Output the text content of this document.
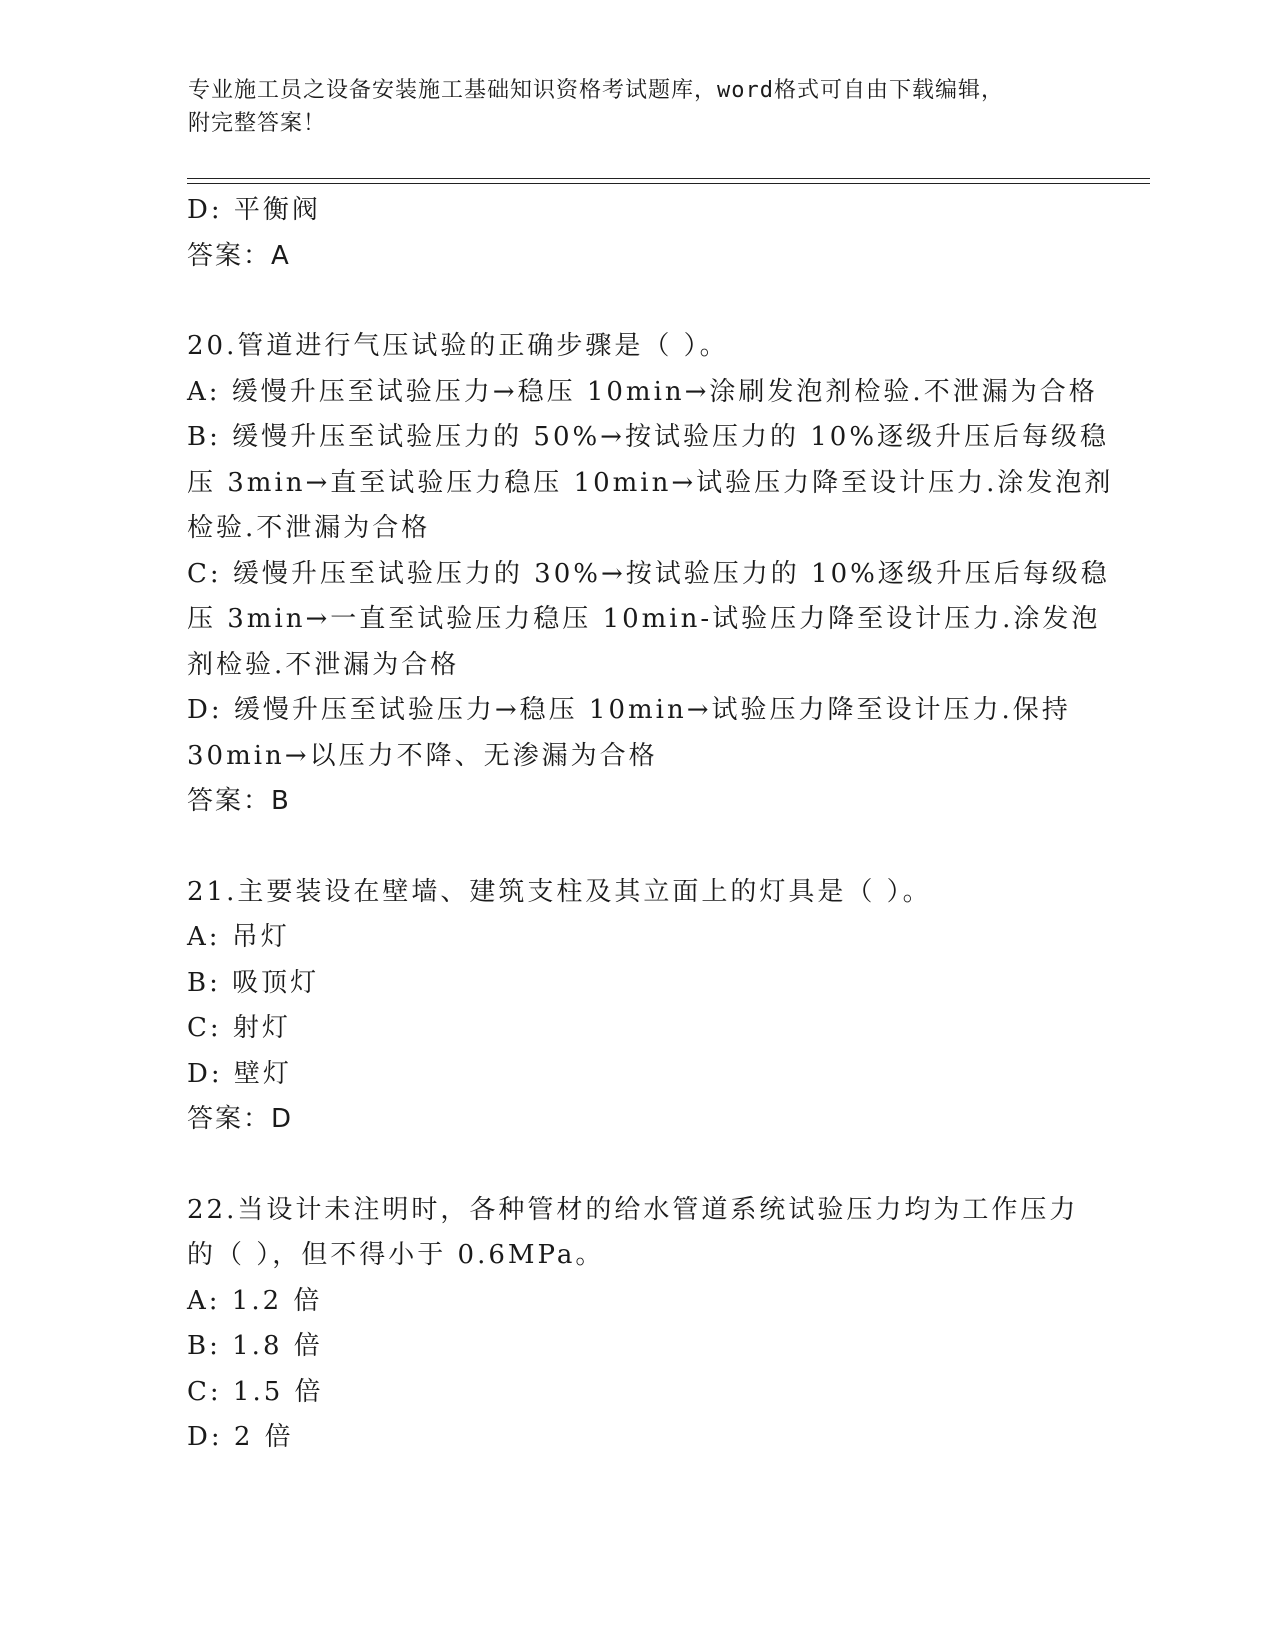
专业施工员之设备安装施工基础知识资格考试题库，word格式可自由下载编辑，
附完整答案！
D: 平衡阀
答案：A
20.管道进行气压试验的正确步骤是（ ）。
A: 缓慢升压至试验压力→稳压 10min→涂刷发泡剂检验.不泄漏为合格
B: 缓慢升压至试验压力的 50%→按试验压力的 10%逐级升压后每级稳
压 3min→直至试验压力稳压 10min→试验压力降至设计压力.涂发泡剂
检验.不泄漏为合格
C: 缓慢升压至试验压力的 30%→按试验压力的 10%逐级升压后每级稳
压 3min→一直至试验压力稳压 10min-试验压力降至设计压力.涂发泡
剂检验.不泄漏为合格
D: 缓慢升压至试验压力→稳压 10min→试验压力降至设计压力.保持
30min→以压力不降、无渗漏为合格
答案：B
21.主要装设在壁墙、建筑支柱及其立面上的灯具是（ ）。
A: 吊灯
B: 吸顶灯
C: 射灯
D: 壁灯
答案：D
22.当设计未注明时，各种管材的给水管道系统试验压力均为工作压力
的（ ），但不得小于 0.6MPa。
A: 1.2 倍
B: 1.8 倍
C: 1.5 倍
D: 2 倍
